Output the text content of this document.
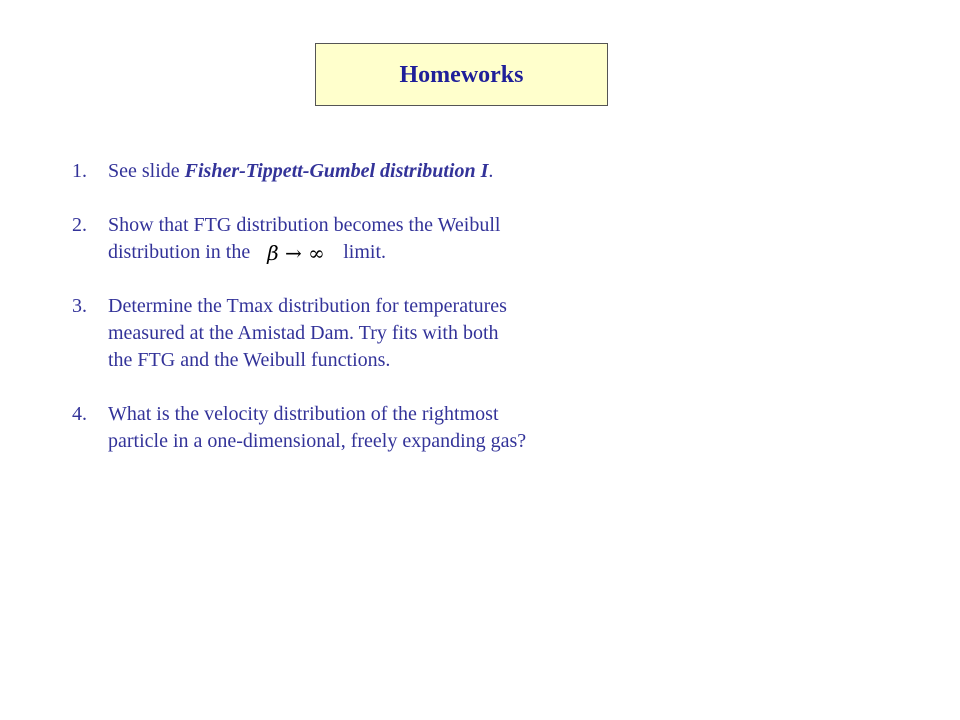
Homeworks
1. See slide Fisher-Tippett-Gumbel distribution I.
2. Show that FTG distribution becomes the Weibull
distribution in the β → ∞ limit.
3. Determine the Tmax distribution for temperatures
measured at the Amistad Dam. Try fits with both
the FTG and the Weibull functions.
4. What is the velocity distribution of the rightmost
particle in a one-dimensional, freely expanding gas?
